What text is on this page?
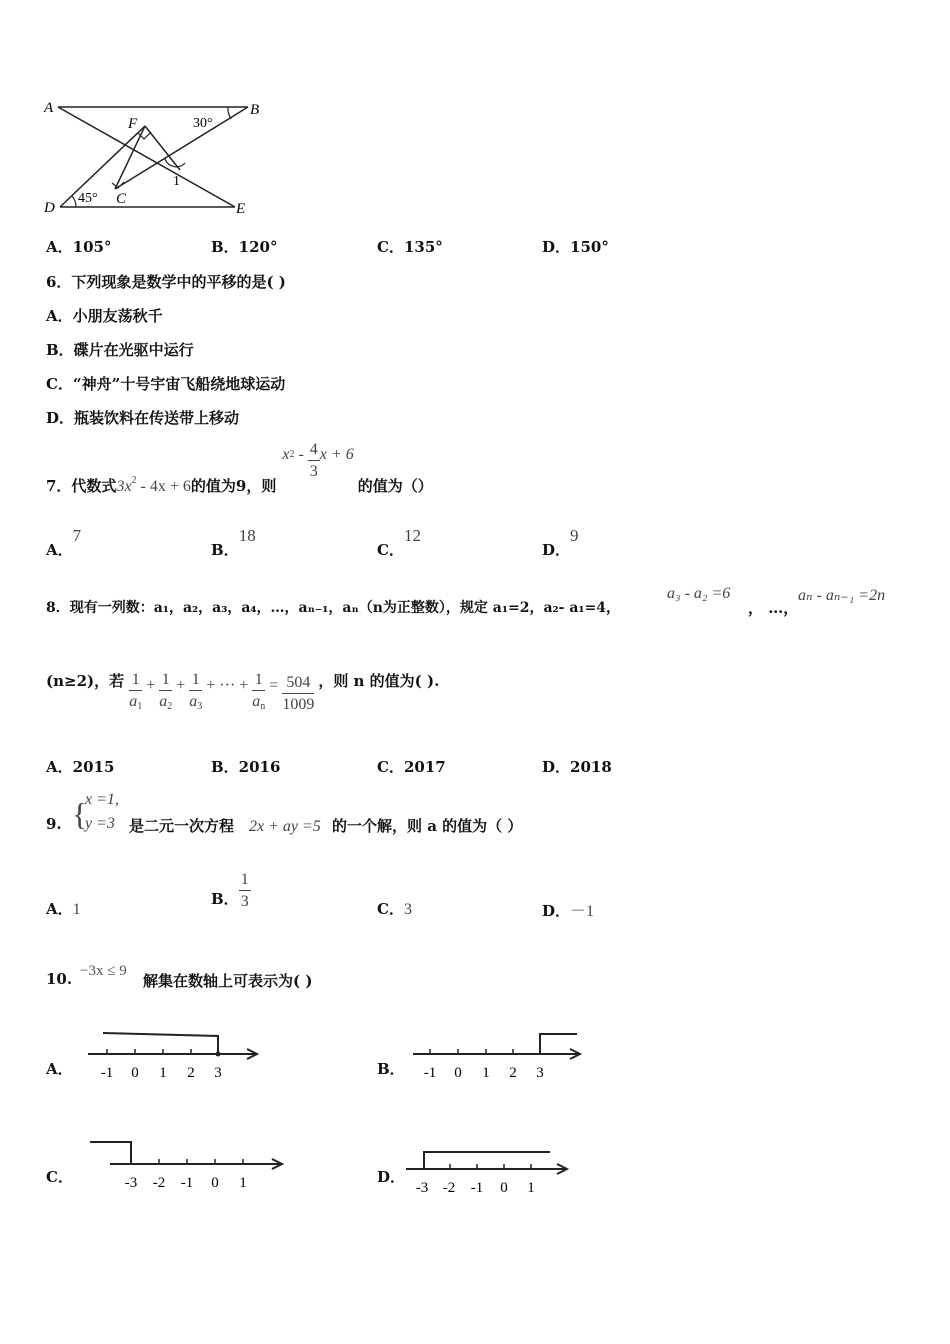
A	B
F	30°
1
D
45° C
E
A．105°	B．120°	C．135°	D．150°
6．下列现象是数学中的平移的是( )
A．小朋友荡秋千
B．碟片在光驱中运行
C．“神舟”十号宇宙飞船绕地球运动
D．瓶装饮料在传送带上移动
7．代数式$3x^2 - 4x + 6$的值为9，则$x^2 - \frac{4}{3}$ x + 6的值为（）
A．7
B．18
C．12
D．9
8．现有一列数：a₁，a₂，a₃，a₄，…，aₙ₋₁，aₙ（n为正整数），规定 a₁=2，a₂- a₁=4，
a₃ - a₂ =6
， …，
aₙ - aₙ₋₁ =2n
(n≥2)，若 $\frac{1}{a_1} + \frac{1}{a_2} + \frac{1}{a_3}$ + ··· + $\frac{1}{a_n} = \frac{504}{1009}$ ，则 n 的值为( ).
A．2015	B．2016	C．2017	D．2018
9. {
x =1,
y =3 是二元一次方程 2x + ay =5 的一个解，则 a 的值为（ ）
A．1
B． $\frac{1}{3}$	C．3	D．－1
10. −3x ≤ 9
解集在数轴上可表示为( )
A．	B．
C．	D．
-1 0 1 2 3	-1 0 1 2 3
-3 -2 -1 0 1	-3 -2 -1 0 1
